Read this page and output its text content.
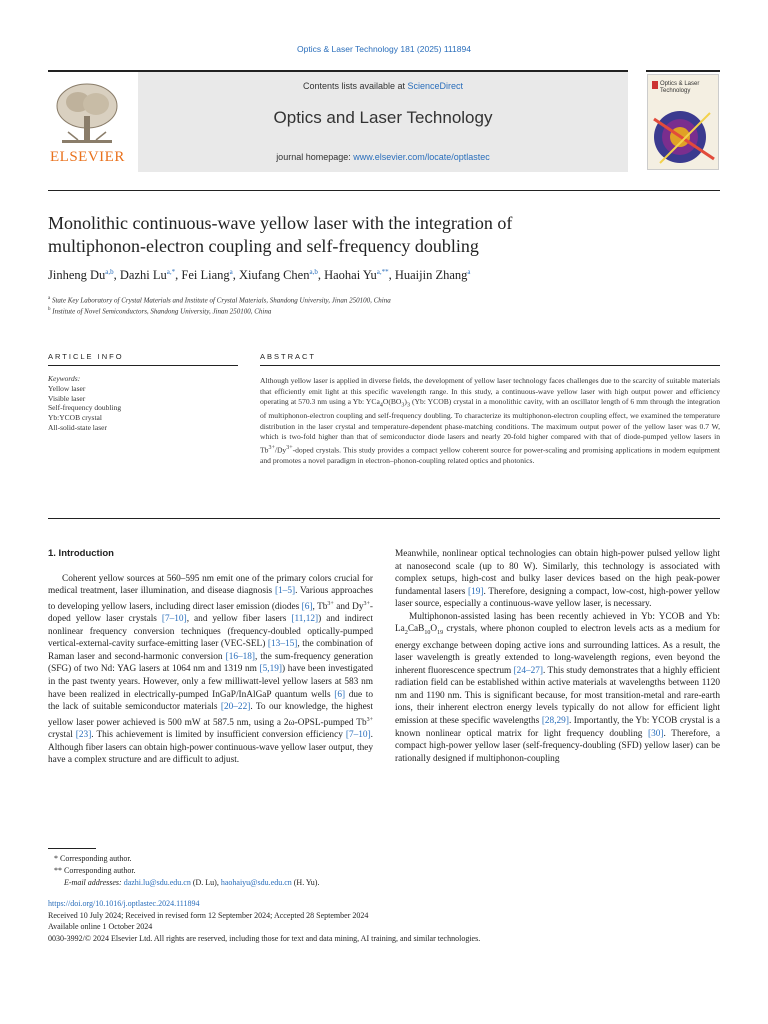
Optics & Laser Technology 181 (2025) 111894
ELSEVIER
Contents lists available at ScienceDirect
Optics and Laser Technology
journal homepage: www.elsevier.com/locate/optlastec
Optics & Laser
Technology
Monolithic continuous-wave yellow laser with the integration of
multiphonon-electron coupling and self-frequency doubling
Jinheng Du$^{a,b}$, Dazhi $Lu^{a,*}$, Fei Liang$^a$, Xiufang Chen$^{a,b}$, Haohai $Yu^{a,**}$, Huaijin Zhang$^a$
$^a$ State Key Laboratory of Crystal Materials and Institute of Crystal Materials, Shandong University, Jinan 250100, China
$^b$ Institute of Novel Semiconductors, Shandong University, Jinan 250100, China
ARTICLE INFO	ABSTRACT
Keywords:
Yellow laser
Visible laser
Self-frequency doubling
Yb:YCOB crystal
All-solid-state laser
Although yellow laser is applied in diverse fields, the development of yellow laser technology faces challenges due to the scarcity of suitable materials that efficiently emit light at this specific wavelength range. In this study, a continuous-wave yellow laser with high output power and efficiency operating at 570.3 nm using a Yb: $YCa_4O(BO_3)_3$ (Yb: YCOB) crystal in a monolithic cavity, with an oscillator length of 6 mm through the integration of multiphonon-electron coupling and self-frequency doubling. To characterize its multiphonon-electron coupling effect, we examined the temperature distribution in the laser crystal and temperature-dependent phase-matching conditions. The maximum output power of the yellow laser was 0.7 W, which is two-fold higher than that of semiconductor diode lasers and nearly 20-fold higher compared with that of diode-pumped yellow lasers in $Tb^{3+}/Dy^{3+}$-doped crystals. This study provides a compact yellow coherent source for power-scaling and promising applications in modern equipment and promotes a novel paradigm in electron–phonon-coupling related optics and photonics.
1. Introduction

Coherent yellow sources at 560–595 nm emit one of the primary colors crucial for medical treatment, laser illumination, and disease diagnosis [1–5]. Various approaches to developing yellow lasers, including direct laser emission (diodes [6], $Tb^{3+}$ and $Dy^{3+}$-doped yellow laser crystals [7–10], and yellow fiber lasers [11,12]) and indirect nonlinear frequency conversion techniques (frequency-doubled optically-pumped vertical-external-cavity surface-emitting laser (VEC-SEL) [13–15], the combination of Raman laser and second-harmonic conversion [16–18], the sum-frequency generation (SFG) of two Nd: YAG lasers at 1064 nm and 1319 nm [5,19]) have been investigated in the past twenty years. However, only a few milliwatt-level yellow lasers at 583 nm have been realized in electrically-pumped InGaP/InAlGaP quantum wells [6] due to the lack of suitable semiconductor materials [20–22]. To our knowledge, the highest yellow laser power achieved is 500 mW at 587.5 nm, using a 2ω-OPSL-pumped $Tb^{3+}$ crystal [23]. This achievement is limited by insufficient conversion efficiency [7–10]. Although fiber lasers can obtain high-power continuous-wave yellow laser output, they have a complex structure and are difficult to adjust.

Meanwhile, nonlinear optical technologies can obtain high-power pulsed yellow light at nanosecond scale (up to 80 W). Similarly, this technology is associated with complex setups, high-cost and bulky laser devices based on the high peak-power fundamental lasers [19]. Therefore, designing a compact, low-cost, high-power yellow laser source, especially a continuous-wave yellow laser, is necessary.

Multiphonon-assisted lasing has been recently achieved in Yb: YCOB and Yb: $La_2CaB_{10}O_{19}$ crystals, where phonon coupled to electron levels acts as a medium for energy exchange between doping active ions and surrounding lattices. As a result, the laser wavelength is greatly extended to long-wavelength regions, even beyond the inherent fluorescence spectrum [24–27]. This study demonstrates that a highly efficient radiation field can be established within active materials at wavelengths between 1120 nm and 1190 nm. This is significant because, for most transition-metal and rare-earth ions, their inherent electron energy levels typically do not allow for efficient light emission at these specific wavelengths [28,29]. Importantly, the Yb: YCOB crystal is a known nonlinear optical matrix for light frequency doubling [30]. Therefore, a compact high-power yellow laser (self-frequency-doubling (SFD) yellow laser) can be rationally designed if multiphonon-coupling

* Corresponding author.
** Corresponding author.
E-mail addresses: dazhi.lu@sdu.edu.cn (D. Lu), haohaiyu@sdu.edu.cn (H. Yu).
https://doi.org/10.1016/j.optlastec.2024.111894
Received 10 July 2024; Received in revised form 12 September 2024; Accepted 28 September 2024
Available online 1 October 2024
0030-3992/© 2024 Elsevier Ltd. All rights are reserved, including those for text and data mining, AI training, and similar technologies.
